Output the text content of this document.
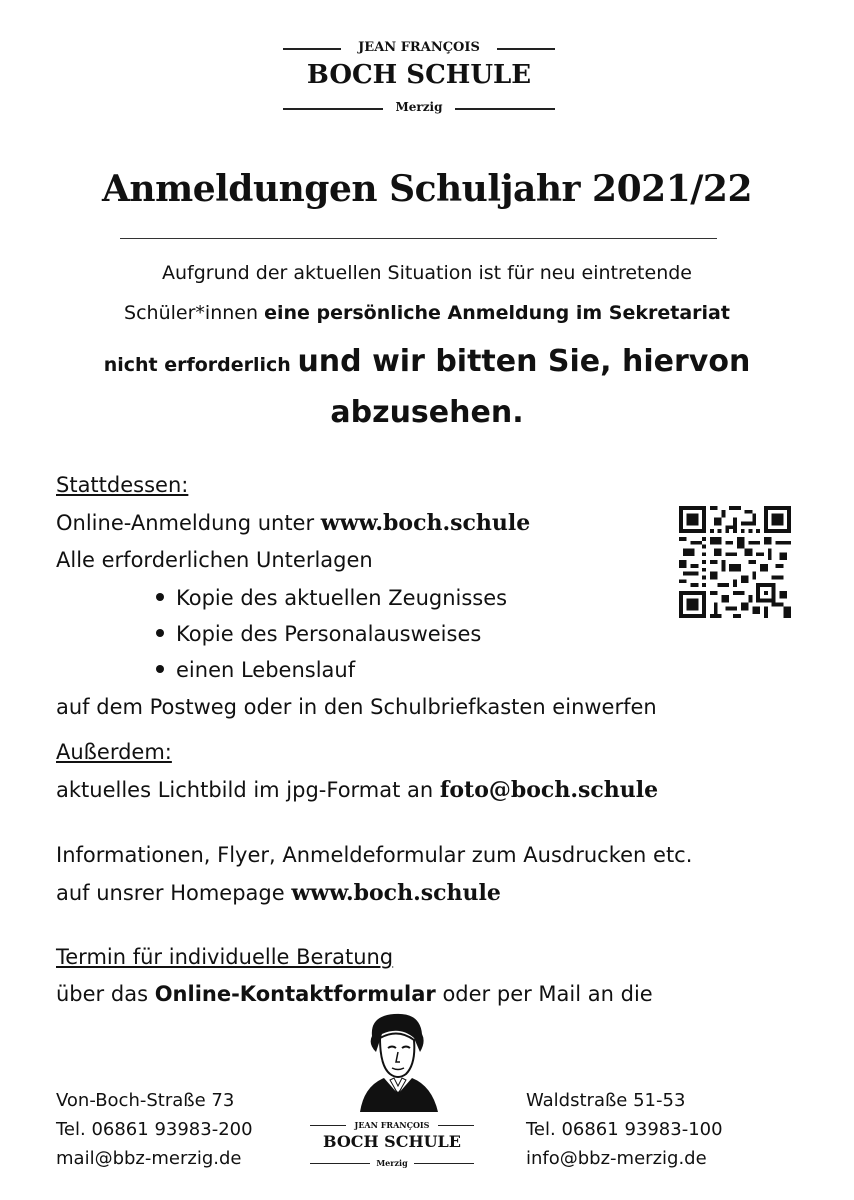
JEAN FRANÇOIS
BOCH SCHULE
Merzig
Anmeldungen Schuljahr 2021/22
Aufgrund der aktuellen Situation ist für neu eintretende
Schüler*innen eine persönliche Anmeldung im Sekretariat
nicht erforderlich und wir bitten Sie, hiervon
abzusehen.
Stattdessen:
Online-Anmeldung unter www.boch.schule
Alle erforderlichen Unterlagen
Kopie des aktuellen Zeugnisses
Kopie des Personalausweises
einen Lebenslauf
auf dem Postweg oder in den Schulbriefkasten einwerfen
Außerdem:
aktuelles Lichtbild im jpg-Format an foto@boch.schule
Informationen, Flyer, Anmeldeformular zum Ausdrucken etc.
auf unsrer Homepage www.boch.schule
Termin für individuelle Beratung
über das Online-Kontaktformular oder per Mail an die
Von-Boch-Straße 73
Tel. 06861 93983-200
mail@bbz-merzig.de
Waldstraße 51-53
Tel. 06861 93983-100
info@bbz-merzig.de
JEAN FRANÇOIS
BOCH SCHULE
Merzig
